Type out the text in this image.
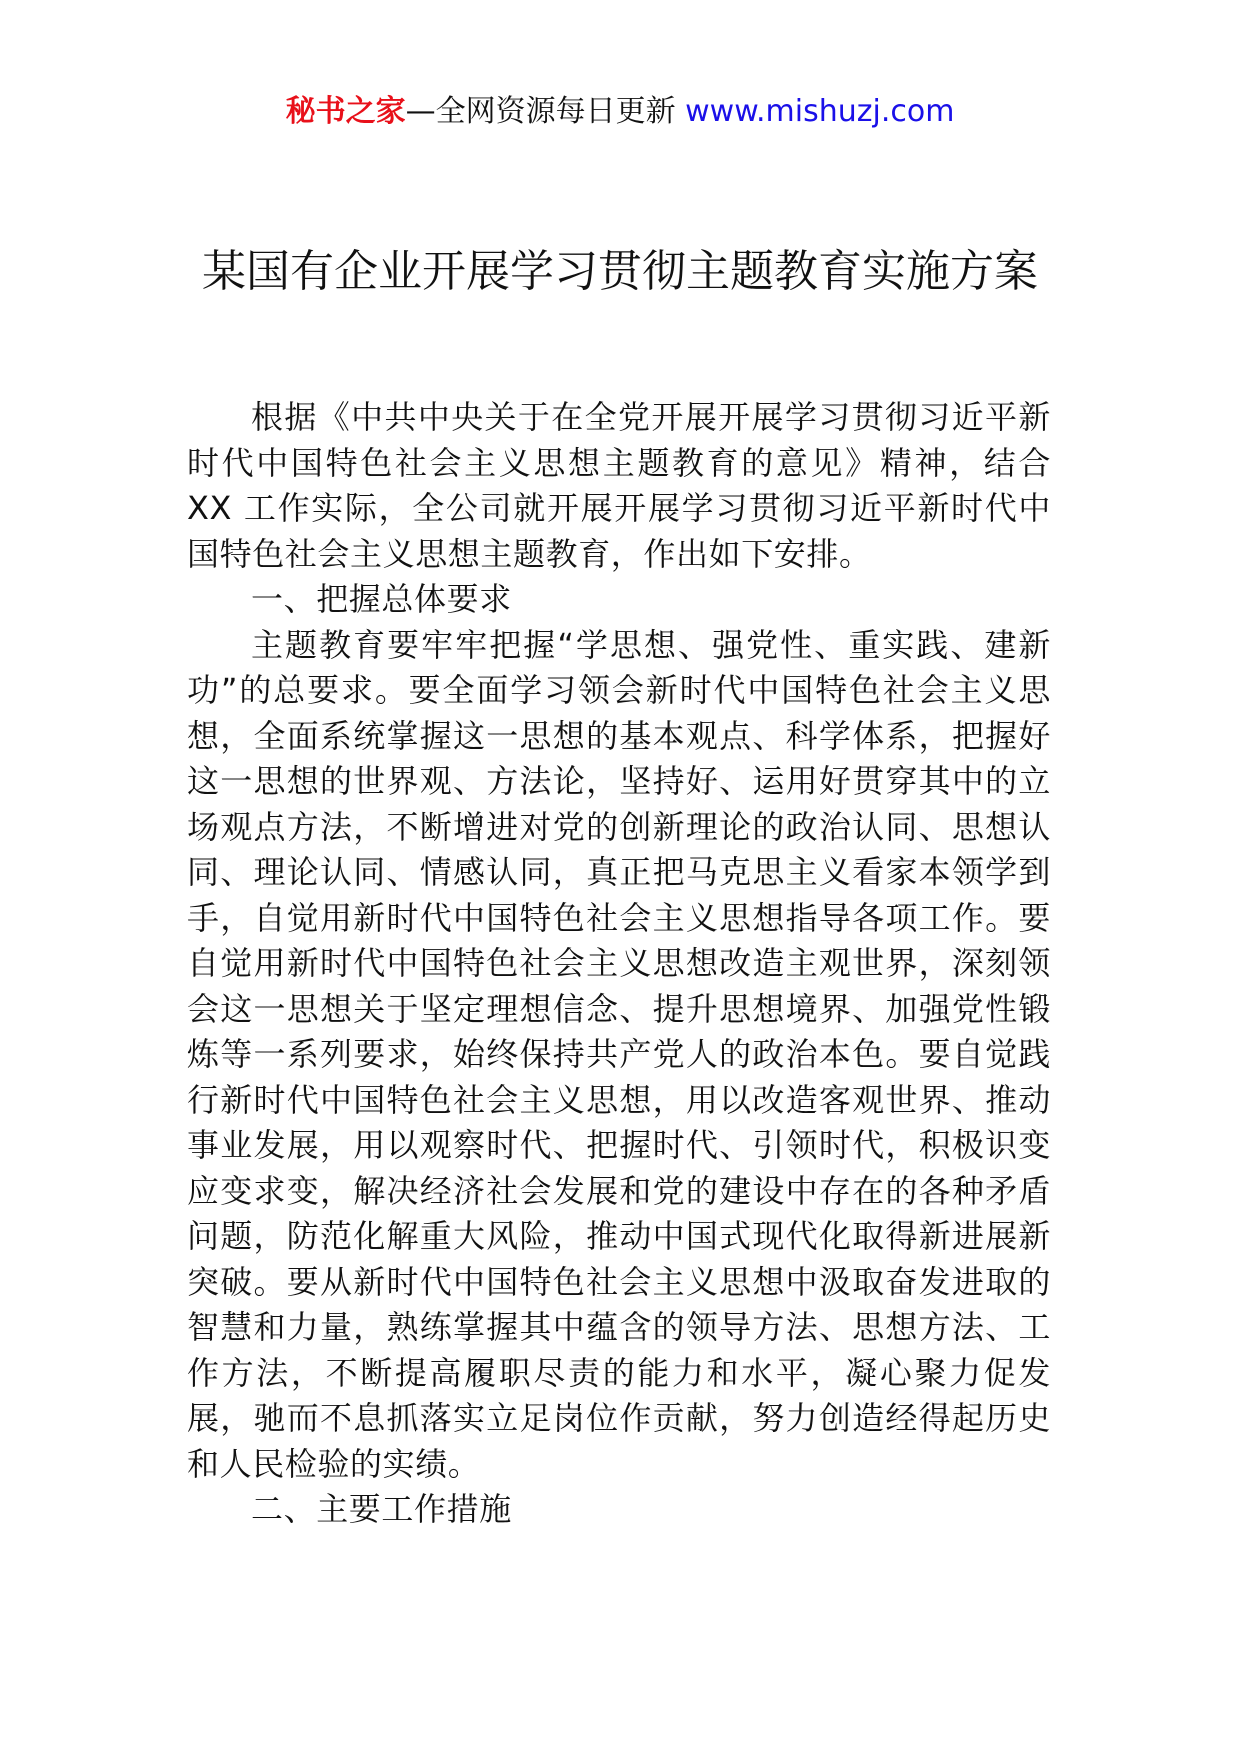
秘书之家—全网资源每日更新 www.mishuzj.com
某国有企业开展学习贯彻主题教育实施方案

根据《中共中央关于在全党开展开展学习贯彻习近平新时代中国特色社会主义思想主题教育的意见》精神，结合 XX 工作实际，全公司就开展开展学习贯彻习近平新时代中国特色社会主义思想主题教育，作出如下安排。

一、把握总体要求

主题教育要牢牢把握“学思想、强党性、重实践、建新功”的总要求。要全面学习领会新时代中国特色社会主义思想，全面系统掌握这一思想的基本观点、科学体系，把握好这一思想的世界观、方法论，坚持好、运用好贯穿其中的立场观点方法，不断增进对党的创新理论的政治认同、思想认同、理论认同、情感认同，真正把马克思主义看家本领学到手，自觉用新时代中国特色社会主义思想指导各项工作。要自觉用新时代中国特色社会主义思想改造主观世界，深刻领会这一思想关于坚定理想信念、提升思想境界、加强党性锻炼等一系列要求，始终保持共产党人的政治本色。要自觉践行新时代中国特色社会主义思想，用以改造客观世界、推动事业发展，用以观察时代、把握时代、引领时代，积极识变应变求变，解决经济社会发展和党的建设中存在的各种矛盾问题，防范化解重大风险，推动中国式现代化取得新进展新突破。要从新时代中国特色社会主义思想中汲取奋发进取的智慧和力量，熟练掌握其中蕴含的领导方法、思想方法、工作方法，不断提高履职尽责的能力和水平，凝心聚力促发展，驰而不息抓落实立足岗位作贡献，努力创造经得起历史和人民检验的实绩。

二、主要工作措施
